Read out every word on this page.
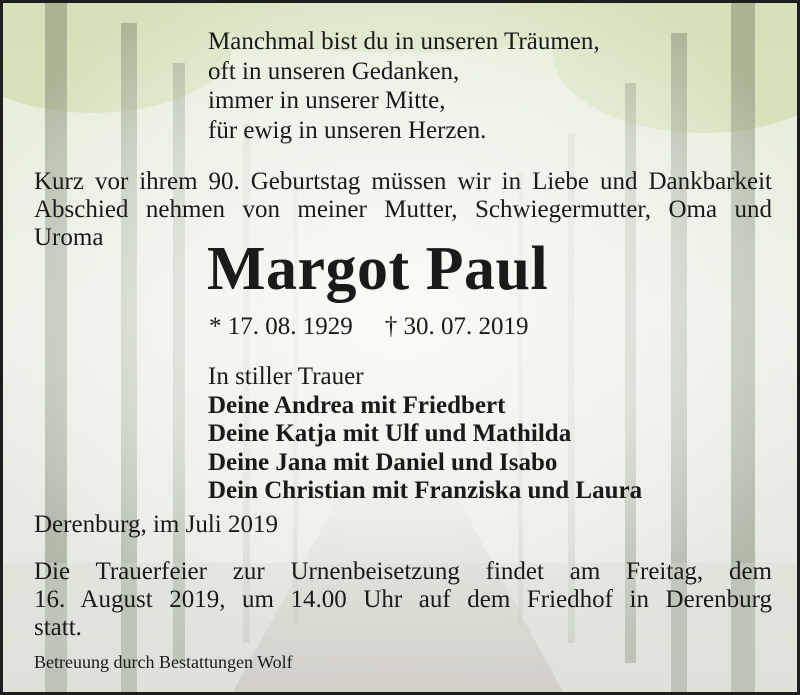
Manchmal bist du in unseren Träumen,
oft in unseren Gedanken,
immer in unserer Mitte,
für ewig in unseren Herzen.
Kurz vor ihrem 90. Geburtstag müssen wir in Liebe und Dankbarkeit
Abschied nehmen von meiner Mutter, Schwiegermutter, Oma und
Uroma	Margot Paul
* 17. 08. 1929 † 30. 07. 2019
In stiller Trauer
Deine Andrea mit Friedbert
Deine Katja mit Ulf und Mathilda
Deine Jana mit Daniel und Isabo
Dein Christian mit Franziska und Laura
Derenburg, im Juli 2019
Die Trauerfeier zur Urnenbeisetzung findet am Freitag, dem
16. August 2019, um 14.00 Uhr auf dem Friedhof in Derenburg
statt.
Betreuung durch Bestattungen Wolf
